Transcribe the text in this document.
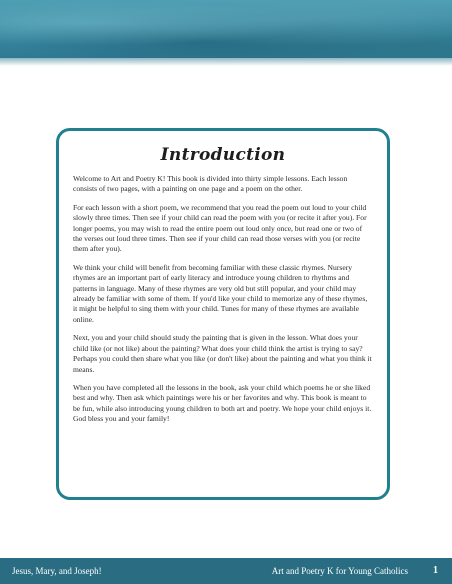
Introduction

Welcome to Art and Poetry K! This book is divided into thirty simple lessons. Each lesson consists of two pages, with a painting on one page and a poem on the other.

For each lesson with a short poem, we recommend that you read the poem out loud to your child slowly three times. Then see if your child can read the poem with you (or recite it after you). For longer poems, you may wish to read the entire poem out loud only once, but read one or two of the verses out loud three times. Then see if your child can read those verses with you (or recite them after you).

We think your child will benefit from becoming familiar with these classic rhymes. Nursery rhymes are an important part of early literacy and introduce young children to rhythms and patterns in language. Many of these rhymes are very old but still popular, and your child may already be familiar with some of them. If you'd like your child to memorize any of these rhymes, it might be helpful to sing them with your child. Tunes for many of these rhymes are available online.

Next, you and your child should study the painting that is given in the lesson. What does your child like (or not like) about the painting? What does your child think the artist is trying to say? Perhaps you could then share what you like (or don't like) about the painting and what you think it means.

When you have completed all the lessons in the book, ask your child which poems he or she liked best and why. Then ask which paintings were his or her favorites and why. This book is meant to be fun, while also introducing young children to both art and poetry. We hope your child enjoys it. God bless you and your family!

Jesus, Mary, and Joseph!	Art and Poetry K for Young Catholics	1
